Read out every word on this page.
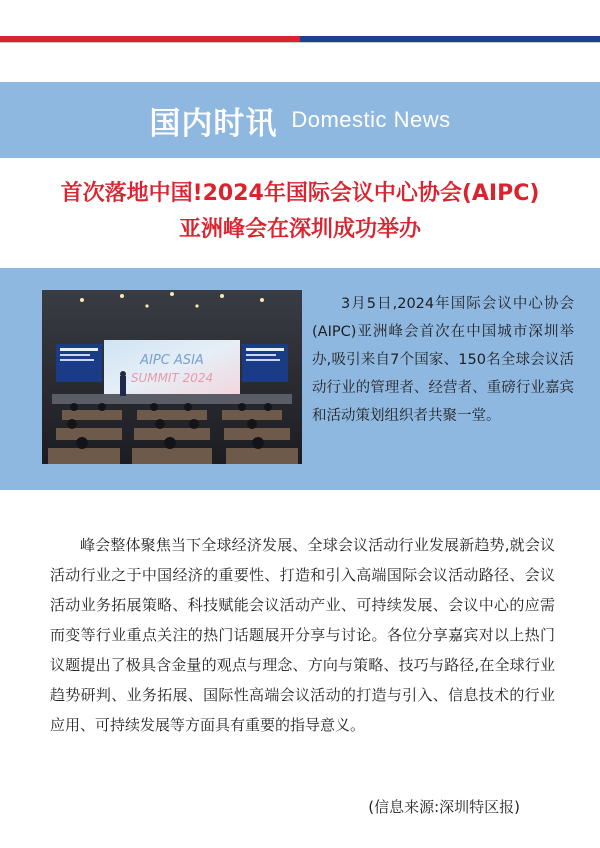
国内时讯 Domestic News
首次落地中国!2024年国际会议中心协会(AIPC)
亚洲峰会在深圳成功举办
AIPC ASIA
SUMMIT 2024

3月5日,2024年国际会议中心协会(AIPC)亚洲峰会首次在中国城市深圳举办,吸引来自7个国家、150名全球会议活动行业的管理者、经营者、重磅行业嘉宾和活动策划组织者共聚一堂。

峰会整体聚焦当下全球经济发展、全球会议活动行业发展新趋势,就会议活动行业之于中国经济的重要性、打造和引入高端国际会议活动路径、会议活动业务拓展策略、科技赋能会议活动产业、可持续发展、会议中心的应需而变等行业重点关注的热门话题展开分享与讨论。各位分享嘉宾对以上热门议题提出了极具含金量的观点与理念、方向与策略、技巧与路径,在全球行业趋势研判、业务拓展、国际性高端会议活动的打造与引入、信息技术的行业应用、可持续发展等方面具有重要的指导意义。

(信息来源:深圳特区报)
